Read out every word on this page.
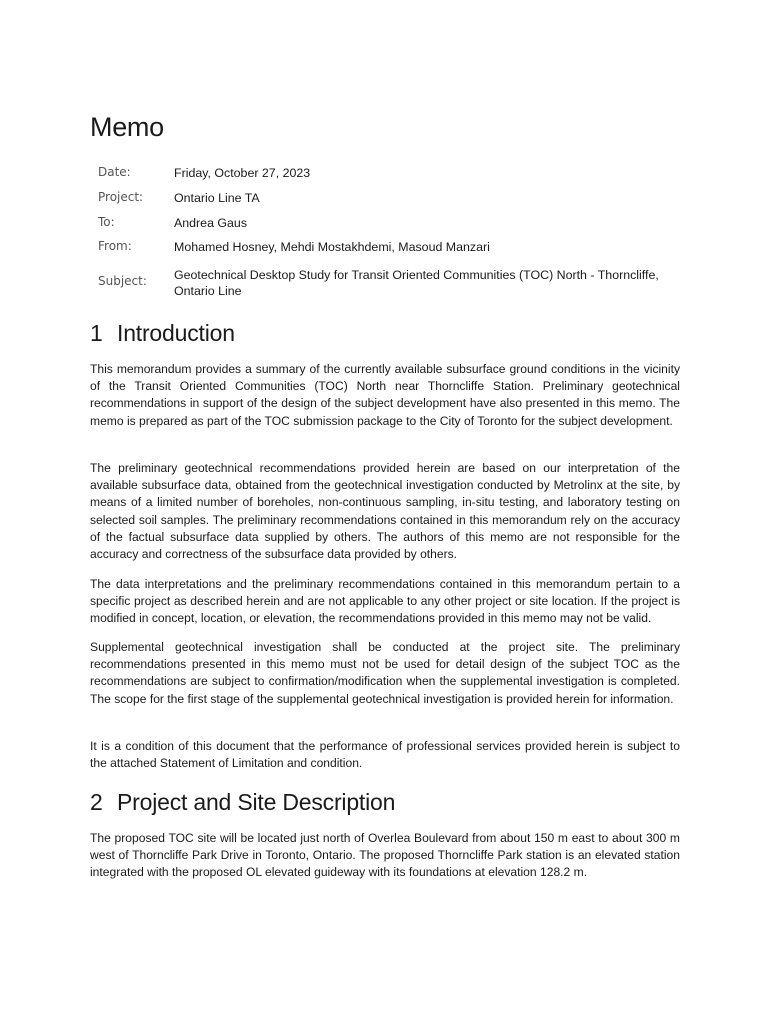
Memo
Date:	Friday, October 27, 2023
Project:	Ontario Line TA
To:	Andrea Gaus
From:	Mohamed Hosney, Mehdi Mostakhdemi, Masoud Manzari
Subject:	Geotechnical Desktop Study for Transit Oriented Communities (TOC) North - Thorncliffe, Ontario Line
1 Introduction

This memorandum provides a summary of the currently available subsurface ground conditions in the vicinity of the Transit Oriented Communities (TOC) North near Thorncliffe Station. Preliminary geotechnical recommendations in support of the design of the subject development have also presented in this memo. The memo is prepared as part of the TOC submission package to the City of Toronto for the subject development.

The preliminary geotechnical recommendations provided herein are based on our interpretation of the available subsurface data, obtained from the geotechnical investigation conducted by Metrolinx at the site, by means of a limited number of boreholes, non-continuous sampling, in-situ testing, and laboratory testing on selected soil samples. The preliminary recommendations contained in this memorandum rely on the accuracy of the factual subsurface data supplied by others. The authors of this memo are not responsible for the accuracy and correctness of the subsurface data provided by others.

The data interpretations and the preliminary recommendations contained in this memorandum pertain to a specific project as described herein and are not applicable to any other project or site location. If the project is modified in concept, location, or elevation, the recommendations provided in this memo may not be valid.

Supplemental geotechnical investigation shall be conducted at the project site. The preliminary recommendations presented in this memo must not be used for detail design of the subject TOC as the recommendations are subject to confirmation/modification when the supplemental investigation is completed. The scope for the first stage of the supplemental geotechnical investigation is provided herein for information.

It is a condition of this document that the performance of professional services provided herein is subject to the attached Statement of Limitation and condition.

2 Project and Site Description

The proposed TOC site will be located just north of Overlea Boulevard from about 150 m east to about 300 m west of Thorncliffe Park Drive in Toronto, Ontario. The proposed Thorncliffe Park station is an elevated station integrated with the proposed OL elevated guideway with its foundations at elevation 128.2 m.
